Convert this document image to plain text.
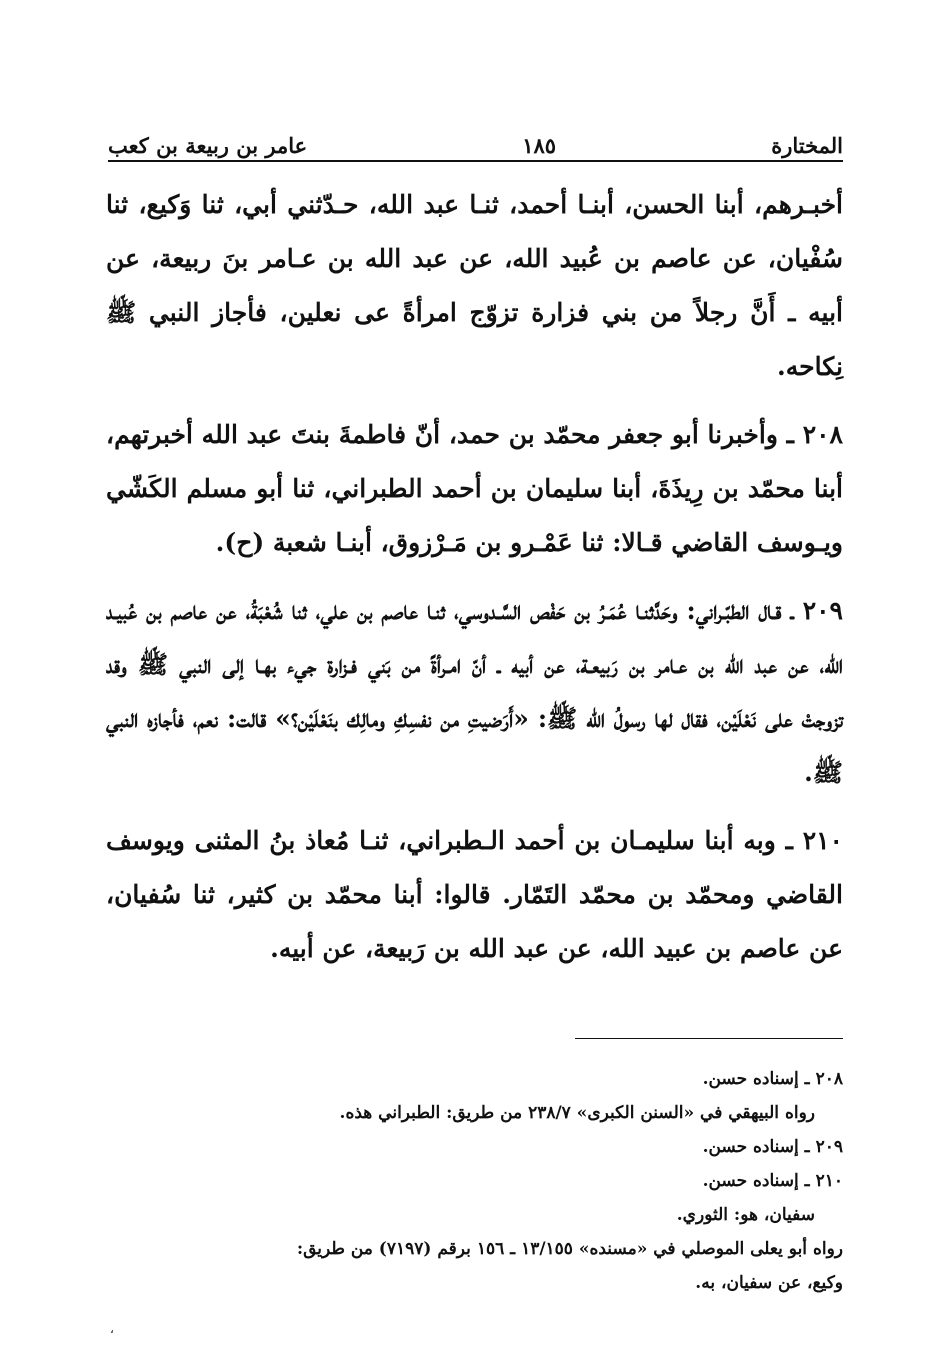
المختارة
١٨٥
عامر بن ربيعة بن كعب

أخبـرهم، أبنا الحسن، أبنـا أحمد، ثنـا عبد الله، حـدّثني أبي، ثنا وَكيع، ثنا سُفْيان، عن عاصم بن عُبيد الله، عن عبد الله بن عـامر بنَ ربيعة، عن أبيه ـ أَنَّ رجلاً من بني فزارة تزوّج امرأةً عى نعلين، فأجاز النبي ﷺ نِكاحه.

٢٠٨ ـ وأخبرنا أبو جعفر محمّد بن حمد، أنّ فاطمةَ بنتَ عبد الله أخبرتهم، أبنا محمّد بن رِيذَةَ، أبنا سليمان بن أحمد الطبراني، ثنا أبو مسلم الكَشّي ويـوسف القاضي قـالا: ثنا عَمْـرو بن مَـرْزوق، أبنـا شعبة (ح).

٢٠٩ ـ قـال الطبّـراني: وحَدَّثنـا عُمَـرُ بن حَفْص السَّـدوسي، ثنـا عاصم بن علي، ثنا شُعْبَةُ، عن عاصم بن عُبيـد الله، عن عبد الله بن عـامر بن رَبيعـة، عن أبيه ـ أنّ امـرأةً من بَني فـزارة جيء بهـا إلى النبي ﷺ وقد تزوجتْ على نَعْلَيْن، فقال لها رسولُ الله ﷺ: «أَرَضيتِ من نفسِكِ ومالِك بنَعْلَيْن؟» قالت: نعم، فأجازه النبي ﷺ.

٢١٠ ـ وبه أبنا سليمـان بن أحمد الـطبراني، ثنـا مُعاذ بنُ المثنى ويوسف القاضي ومحمّد بن محمّد التَمّار. قالوا: أبنا محمّد بن كثير، ثنا سُفيان، عن عاصم بن عبيد الله، عن عبد الله بن رَبيعة، عن أبيه.

٢٠٨ ـ إسناده حسن.
رواه البيهقي في «السنن الكبرى» ٢٣٨/٧ من طريق: الطبراني هذه.
٢٠٩ ـ إسناده حسن.
٢١٠ ـ إسناده حسن.
سفيان، هو: الثوري.
رواه أبو يعلى الموصلي في «مسنده» ١٣/١٥٥ ـ ١٥٦ برقم (٧١٩٧) من طريق:
وكيع، عن سفيان، به.
،
